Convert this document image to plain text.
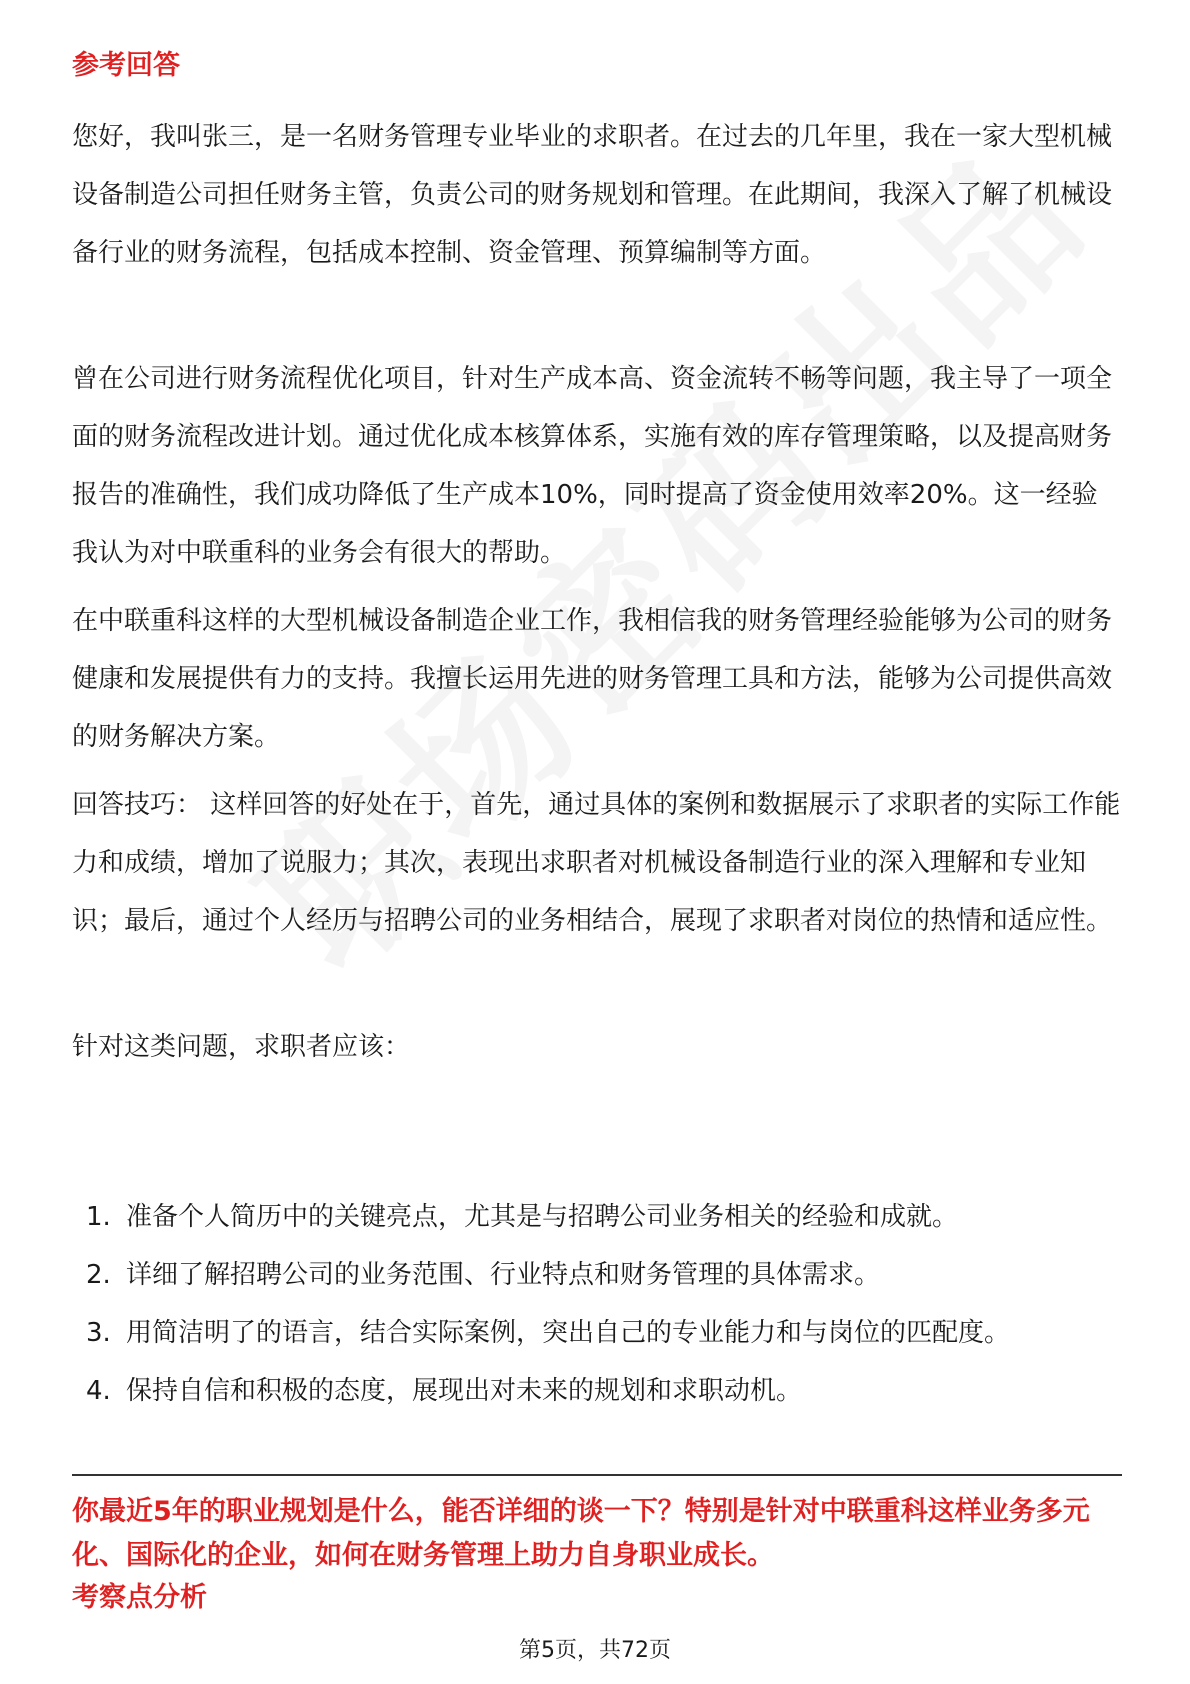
参考回答

您好，我叫张三，是一名财务管理专业毕业的求职者。在过去的几年里，我在一家大型机械设备制造公司担任财务主管，负责公司的财务规划和管理。在此期间，我深入了解了机械设备行业的财务流程，包括成本控制、资金管理、预算编制等方面。

曾在公司进行财务流程优化项目，针对生产成本高、资金流转不畅等问题，我主导了一项全面的财务流程改进计划。通过优化成本核算体系，实施有效的库存管理策略，以及提高财务报告的准确性，我们成功降低了生产成本10%，同时提高了资金使用效率20%。这一经验我认为对中联重科的业务会有很大的帮助。

在中联重科这样的大型机械设备制造企业工作，我相信我的财务管理经验能够为公司的财务健康和发展提供有力的支持。我擅长运用先进的财务管理工具和方法，能够为公司提供高效的财务解决方案。

回答技巧： 这样回答的好处在于，首先，通过具体的案例和数据展示了求职者的实际工作能力和成绩，增加了说服力；其次，表现出求职者对机械设备制造行业的深入理解和专业知识；最后，通过个人经历与招聘公司的业务相结合，展现了求职者对岗位的热情和适应性。

针对这类问题，求职者应该：

1. 准备个人简历中的关键亮点，尤其是与招聘公司业务相关的经验和成就。
2. 详细了解招聘公司的业务范围、行业特点和财务管理的具体需求。
3. 用简洁明了的语言，结合实际案例，突出自己的专业能力和与岗位的匹配度。
4. 保持自信和积极的态度，展现出对未来的规划和求职动机。

你最近5年的职业规划是什么，能否详细的谈一下？特别是针对中联重科这样业务多元化、国际化的企业，如何在财务管理上助力自身职业成长。

考察点分析
第5页，共72页
